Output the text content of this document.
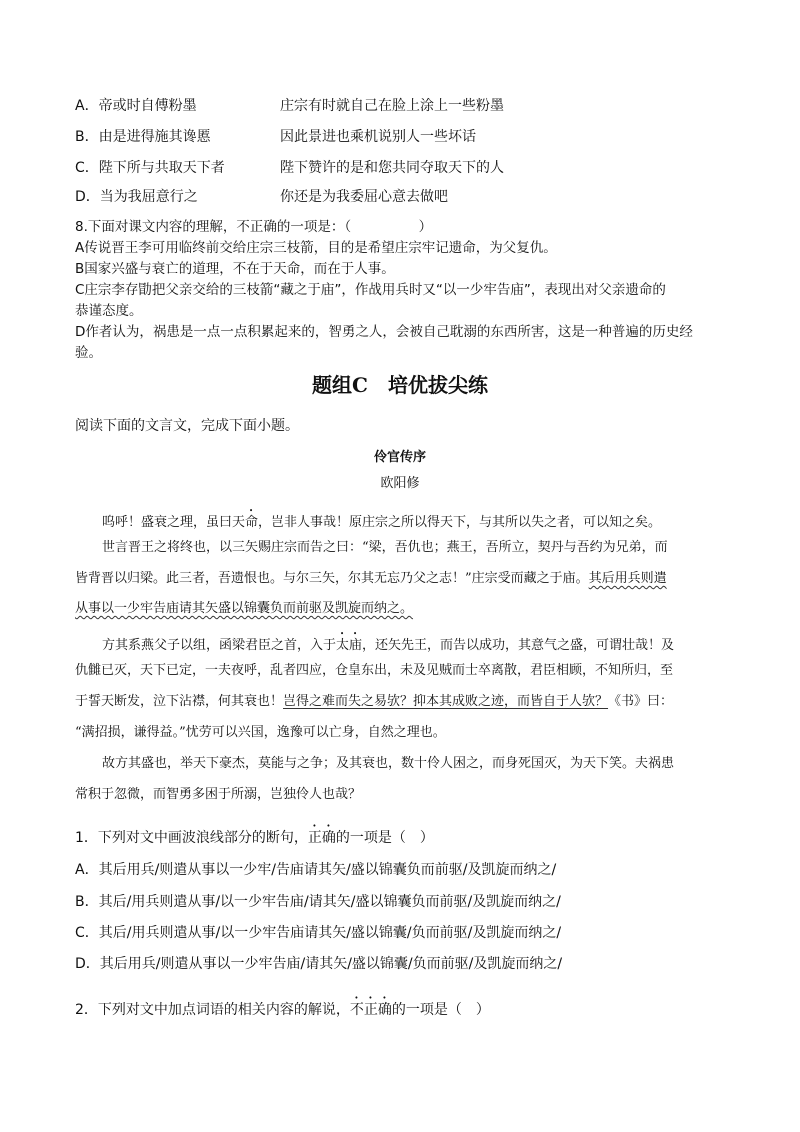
A．帝或时自傅粉墨	庄宗有时就自己在脸上涂上一些粉墨
B．由是进得施其谗慝	因此景进也乘机说别人一些坏话
C．陛下所与共取天下者	陛下赞许的是和您共同夺取天下的人
D．当为我屈意行之	你还是为我委屈心意去做吧
8.下面对课文内容的理解，不正确的一项是：（　　　　　）
A传说晋王李可用临终前交给庄宗三枝箭，目的是希望庄宗牢记遗命，为父复仇。
B国家兴盛与衰亡的道理，不在于天命，而在于人事。
C庄宗李存勖把父亲交给的三枝箭“藏之于庙”，作战用兵时又“以一少牢告庙”，表现出对父亲遗命的
恭谨态度。
D作者认为，祸患是一点一点积累起来的，智勇之人，会被自己耽溺的东西所害，这是一种普遍的历史经
验。
题组C　培优拔尖练
阅读下面的文言文，完成下面小题。
伶官传序
欧阳修
呜呼！盛衰之理，虽曰天命，岂非人事哉！原庄宗之所以得天下，与其所以失之者，可以知之矣。
世言晋王之将终也，以三矢赐庄宗而告之曰：“梁，吾仇也；燕王，吾所立，契丹与吾约为兄弟，而
皆背晋以归梁。此三者，吾遗恨也。与尔三矢，尔其无忘乃父之志！”庄宗受而藏之于庙。其后用兵则遣
从事以一少牢告庙请其矢盛以锦囊负而前驱及凯旋而纳之。
方其系燕父子以组，函梁君臣之首，入于太庙，还矢先王，而告以成功，其意气之盛，可谓壮哉！及
仇雠已灭，天下已定，一夫夜呼，乱者四应，仓皇东出，未及见贼而士卒离散，君臣相顾，不知所归，至
于誓天断发，泣下沾襟，何其衰也！岂得之难而失之易欤？抑本其成败之迹，而皆自于人欤？《书》曰：
“满招损，谦得益。”忧劳可以兴国，逸豫可以亡身，自然之理也。
故方其盛也，举天下豪杰，莫能与之争；及其衰也，数十伶人困之，而身死国灭，为天下笑。夫祸患
常积于忽微，而智勇多困于所溺，岂独伶人也哉？
1．下列对文中画波浪线部分的断句，正确的一项是（　）
A．其后用兵/则遣从事以一少牢/告庙请其矢/盛以锦囊负而前驱/及凯旋而纳之/
B．其后/用兵则遣从事/以一少牢告庙/请其矢/盛以锦囊负而前驱/及凯旋而纳之/
C．其后/用兵则遣从事/以一少牢告庙请其矢/盛以锦囊/负而前驱/及凯旋而纳之/
D．其后用兵/则遣从事以一少牢告庙/请其矢/盛以锦囊/负而前驱/及凯旋而纳之/
2．下列对文中加点词语的相关内容的解说，不正确的一项是（　）
